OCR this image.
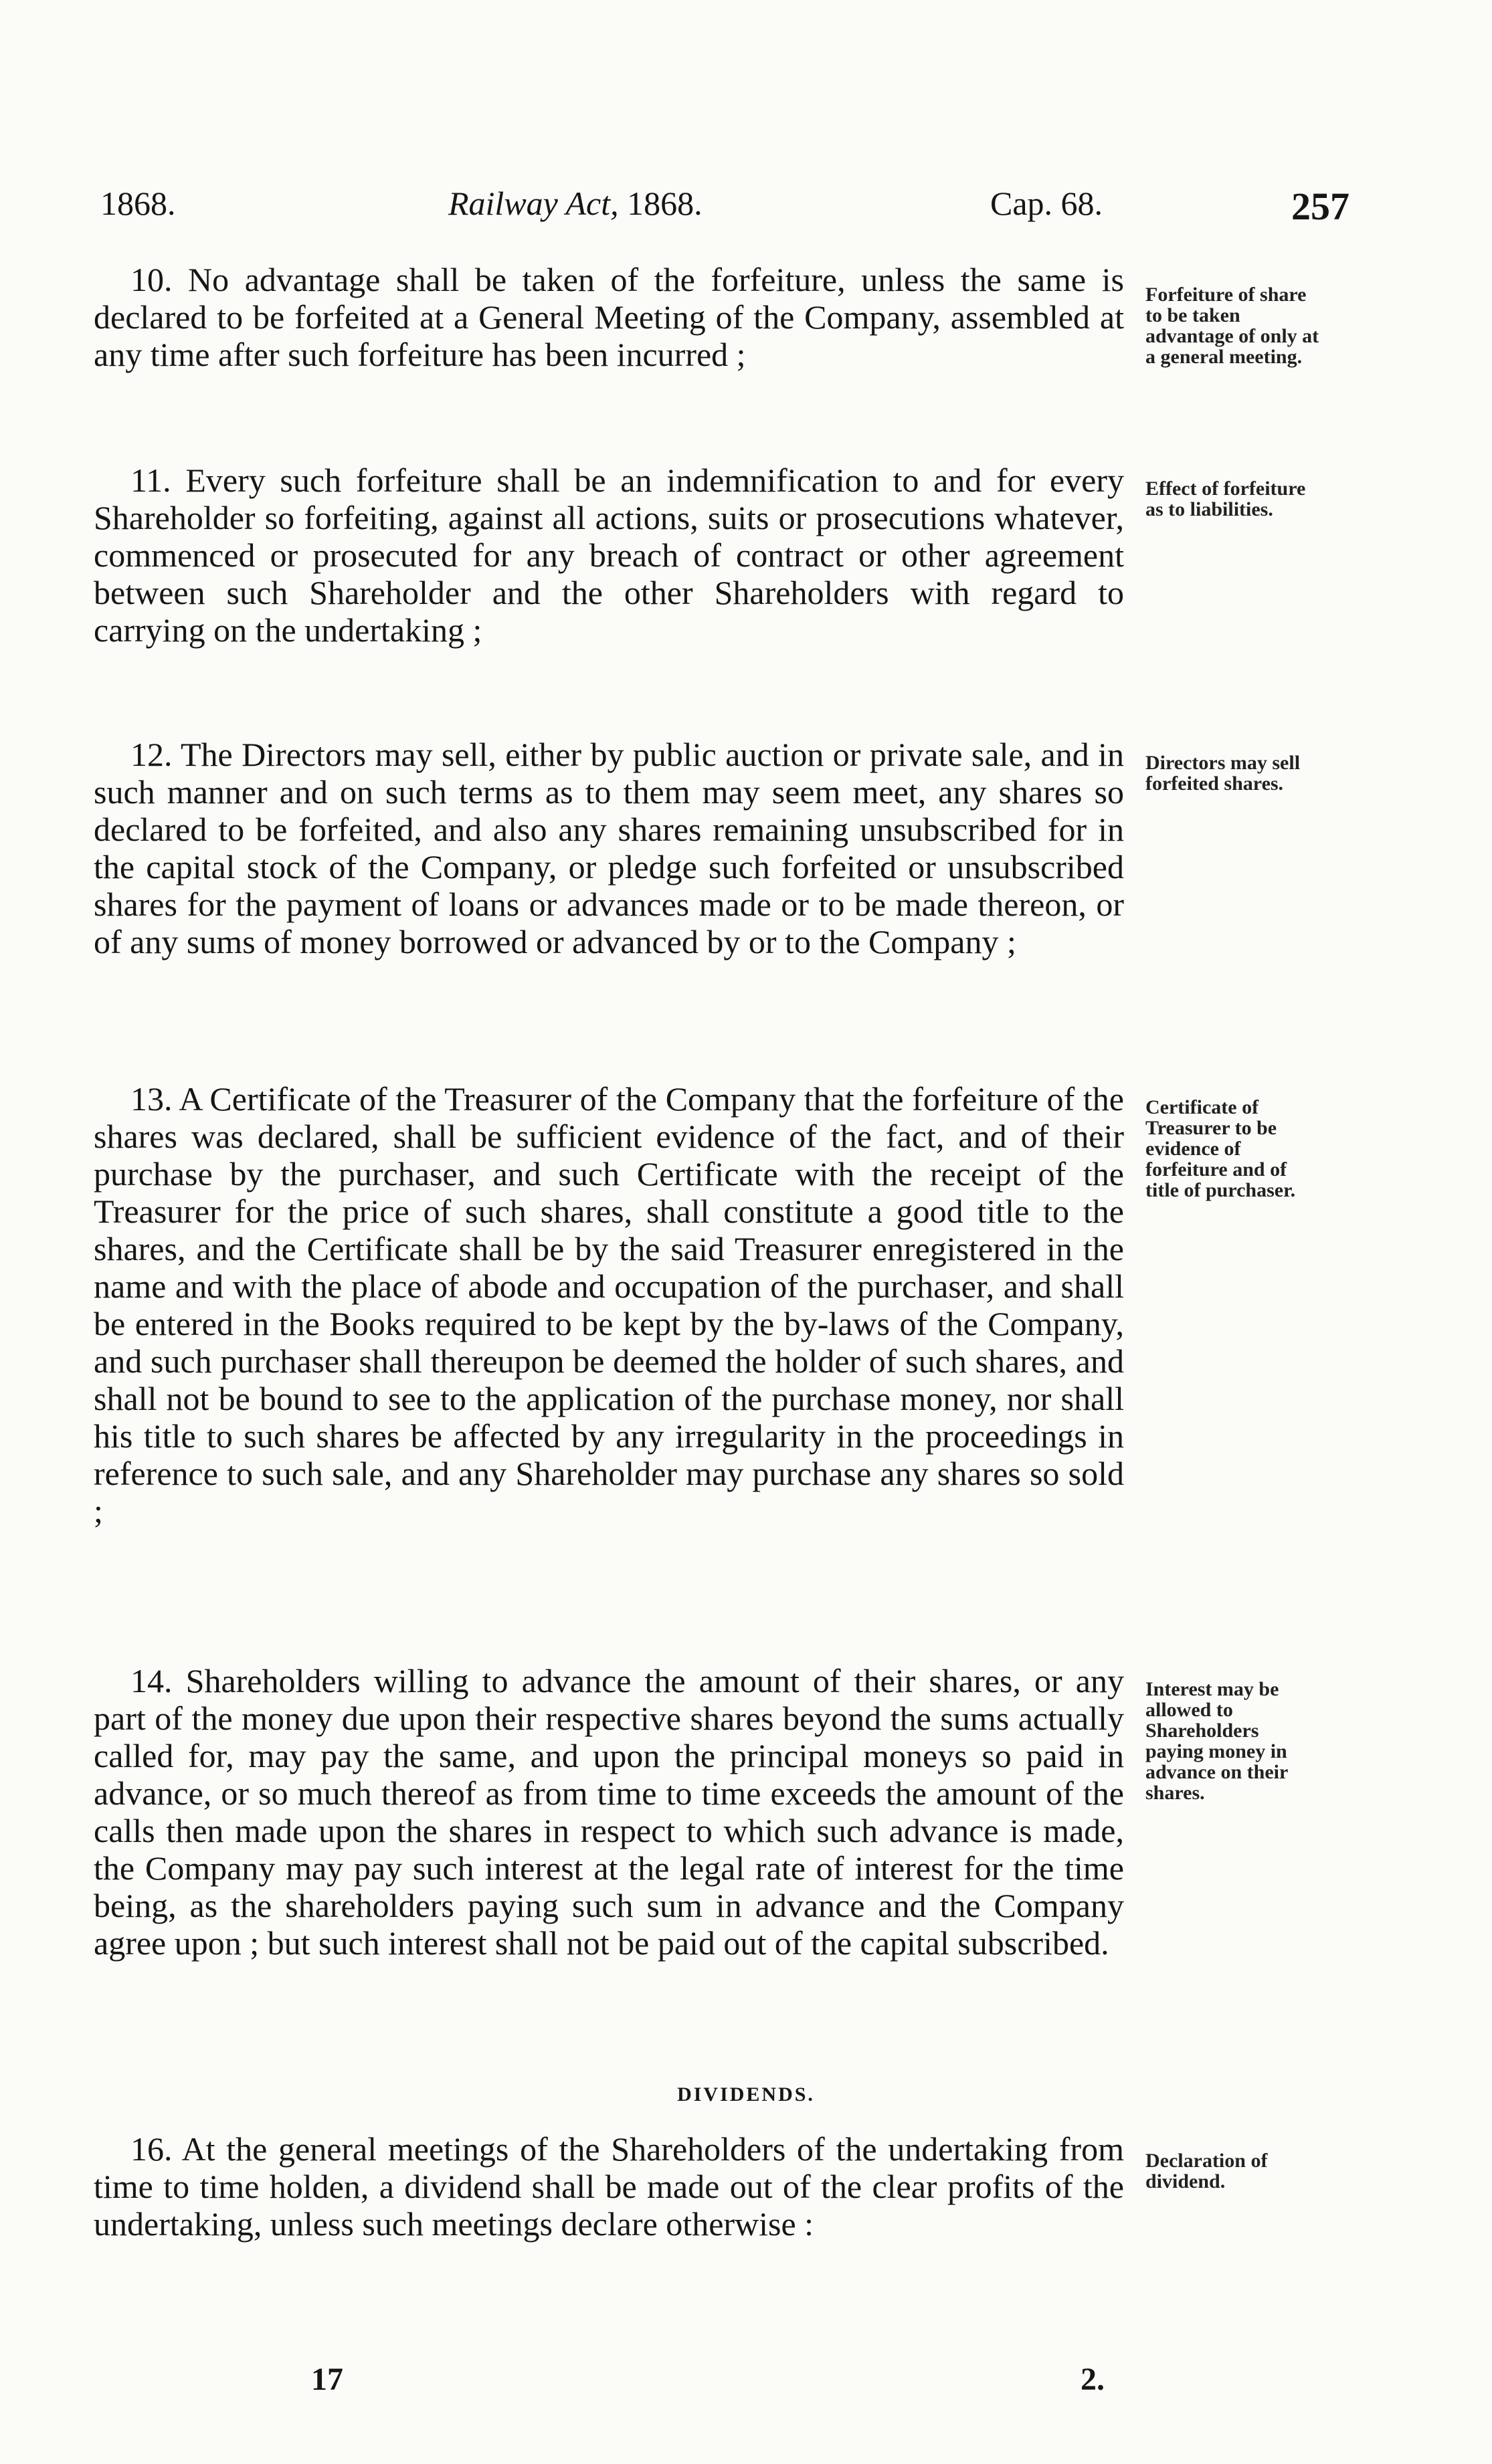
1868.	Railway Act, 1868.	Cap. 68.	257
10. No advantage shall be taken of the forfeiture, unless the same is declared to be forfeited at a General Meeting of the Company, assembled at any time after such forfeiture has been incurred ;
Forfeiture of share to be taken advantage of only at a general meeting.
11. Every such forfeiture shall be an indemnification to and for every Shareholder so forfeiting, against all actions, suits or prosecutions whatever, commenced or prosecuted for any breach of contract or other agreement between such Shareholder and the other Shareholders with regard to carrying on the undertaking ;
Effect of forfeiture as to liabilities.
12. The Directors may sell, either by public auction or private sale, and in such manner and on such terms as to them may seem meet, any shares so declared to be forfeited, and also any shares remaining unsubscribed for in the capital stock of the Company, or pledge such forfeited or unsubscribed shares for the payment of loans or advances made or to be made thereon, or of any sums of money borrowed or advanced by or to the Company ;
Directors may sell forfeited shares.
13. A Certificate of the Treasurer of the Company that the forfeiture of the shares was declared, shall be sufficient evidence of the fact, and of their purchase by the purchaser, and such Certificate with the receipt of the Treasurer for the price of such shares, shall constitute a good title to the shares, and the Certificate shall be by the said Treasurer enregistered in the name and with the place of abode and occupation of the purchaser, and shall be entered in the Books required to be kept by the by-laws of the Company, and such purchaser shall thereupon be deemed the holder of such shares, and shall not be bound to see to the application of the purchase money, nor shall his title to such shares be affected by any irregularity in the proceedings in reference to such sale, and any Shareholder may purchase any shares so sold ;
Certificate of Treasurer to be evidence of forfeiture and of title of purchaser.
14. Shareholders willing to advance the amount of their shares, or any part of the money due upon their respective shares beyond the sums actually called for, may pay the same, and upon the principal moneys so paid in advance, or so much thereof as from time to time exceeds the amount of the calls then made upon the shares in respect to which such advance is made, the Company may pay such interest at the legal rate of interest for the time being, as the shareholders paying such sum in advance and the Company agree upon ; but such interest shall not be paid out of the capital subscribed.
Interest may be allowed to Shareholders paying money in advance on their shares.
DIVIDENDS.
16. At the general meetings of the Shareholders of the undertaking from time to time holden, a dividend shall be made out of the clear profits of the undertaking, unless such meetings declare otherwise :
Declaration of dividend.
17	2.
